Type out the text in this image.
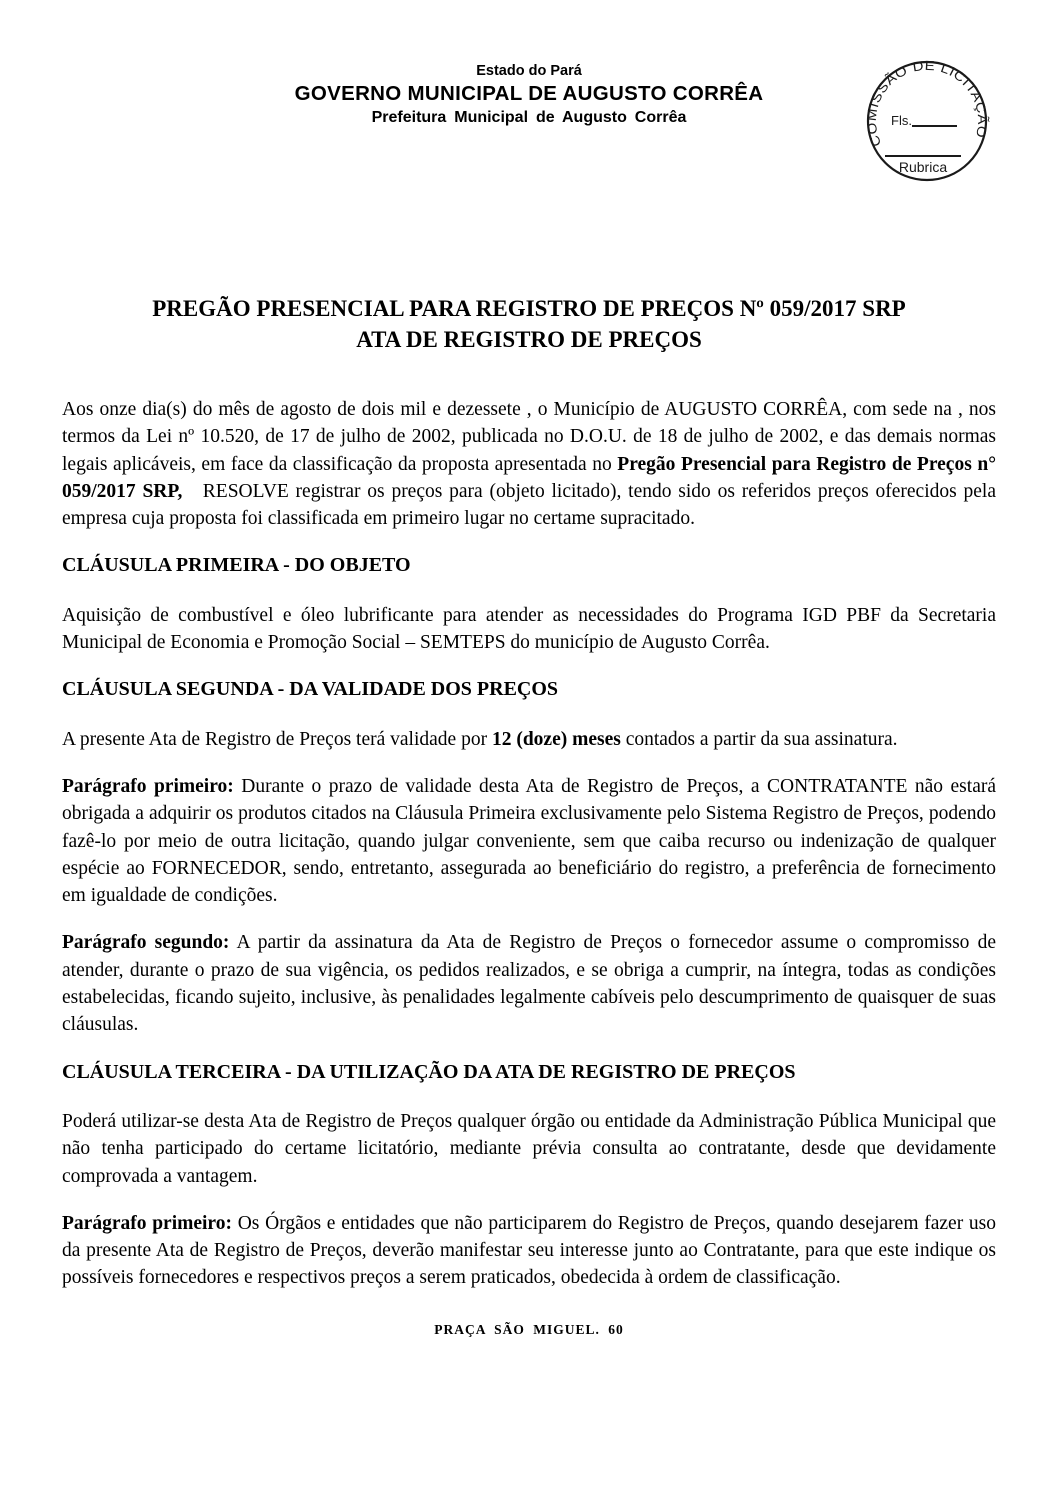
Estado do Pará
GOVERNO MUNICIPAL DE AUGUSTO CORRÊA
Prefeitura Municipal de Augusto Corrêa
COMISSÃO DE LICITAÇÃO
Fls.
Rubrica
PREGÃO PRESENCIAL PARA REGISTRO DE PREÇOS Nº 059/2017 SRP
ATA DE REGISTRO DE PREÇOS

Aos onze dia(s) do mês de agosto de dois mil e dezessete , o Município de AUGUSTO CORRÊA, com sede na , nos termos da Lei nº 10.520, de 17 de julho de 2002, publicada no D.O.U. de 18 de julho de 2002, e das demais normas legais aplicáveis, em face da classificação da proposta apresentada no Pregão Presencial para Registro de Preços n° 059/2017 SRP,   RESOLVE registrar os preços para (objeto licitado), tendo sido os referidos preços oferecidos pela empresa cuja proposta foi classificada em primeiro lugar no certame supracitado.

CLÁUSULA PRIMEIRA - DO OBJETO

Aquisição de combustível e óleo lubrificante para atender as necessidades do Programa IGD PBF da Secretaria Municipal de Economia e Promoção Social – SEMTEPS do município de Augusto Corrêa.

CLÁUSULA SEGUNDA - DA VALIDADE DOS PREÇOS

A presente Ata de Registro de Preços terá validade por 12 (doze) meses contados a partir da sua assinatura.

Parágrafo primeiro: Durante o prazo de validade desta Ata de Registro de Preços, a CONTRATANTE não estará obrigada a adquirir os produtos citados na Cláusula Primeira exclusivamente pelo Sistema Registro de Preços, podendo fazê-lo por meio de outra licitação, quando julgar conveniente, sem que caiba recurso ou indenização de qualquer espécie ao FORNECEDOR, sendo, entretanto, assegurada ao beneficiário do registro, a preferência de fornecimento em igualdade de condições.

Parágrafo segundo: A partir da assinatura da Ata de Registro de Preços o fornecedor assume o compromisso de atender, durante o prazo de sua vigência, os pedidos realizados, e se obriga a cumprir, na íntegra, todas as condições estabelecidas, ficando sujeito, inclusive, às penalidades legalmente cabíveis pelo descumprimento de quaisquer de suas cláusulas.

CLÁUSULA TERCEIRA - DA UTILIZAÇÃO DA ATA DE REGISTRO DE PREÇOS

Poderá utilizar-se desta Ata de Registro de Preços qualquer órgão ou entidade da Administração Pública Municipal que não tenha participado do certame licitatório, mediante prévia consulta ao contratante, desde que devidamente comprovada a vantagem.

Parágrafo primeiro: Os Órgãos e entidades que não participarem do Registro de Preços, quando desejarem fazer uso da presente Ata de Registro de Preços, deverão manifestar seu interesse junto ao Contratante, para que este indique os possíveis fornecedores e respectivos preços a serem praticados, obedecida à ordem de classificação.

PRAÇA SÃO MIGUEL. 60
